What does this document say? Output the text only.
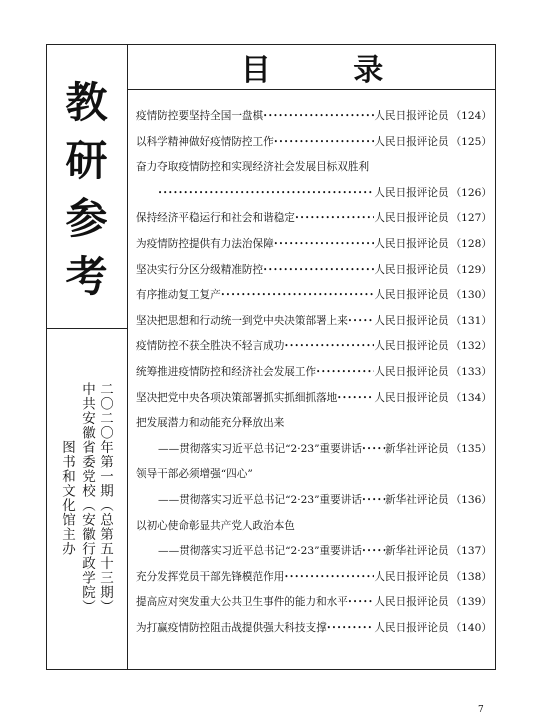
教
研
参
考
二〇二〇年第一期（总第五十三期）
中共安徽省委党校（安徽行政学院）
图书和文化馆主办
目 录
疫情防控要坚持全国一盘棋 •••••	人民日报评论员 （124）
以科学精神做好疫情防控工作 •••••	人民日报评论员 （125）
奋力夺取疫情防控和实现经济社会发展目标双胜利
•••••
人民日报评论员 （126）
保持经济平稳运行和社会和谐稳定 •••••	人民日报评论员 （127）
为疫情防控提供有力法治保障 •••••	人民日报评论员 （128）
坚决实行分区分级精准防控 •••••	人民日报评论员 （129）
有序推动复工复产 •••••	人民日报评论员 （130）
坚决把思想和行动统一到党中央决策部署上来 •••••	人民日报评论员 （131）
疫情防控不获全胜决不轻言成功 •••••	人民日报评论员 （132）
统筹推进疫情防控和经济社会发展工作 •••••	人民日报评论员 （133）
坚决把党中央各项决策部署抓实抓细抓落地 •••••	人民日报评论员 （134）
把发展潜力和动能充分释放出来
——贯彻落实习近平总书记“2·23”重要讲话 ••••• 新华社评论员 （135）
领导干部必须增强“四心”
——贯彻落实习近平总书记“2·23”重要讲话 ••••• 新华社评论员 （136）
以初心使命彰显共产党人政治本色
——贯彻落实习近平总书记“2·23”重要讲话 ••••• 新华社评论员 （137）
充分发挥党员干部先锋模范作用 •••••	人民日报评论员 （138）
提高应对突发重大公共卫生事件的能力和水平 •••••	人民日报评论员 （139）
为打赢疫情防控阻击战提供强大科技支撑 •••••	人民日报评论员 （140）
7
